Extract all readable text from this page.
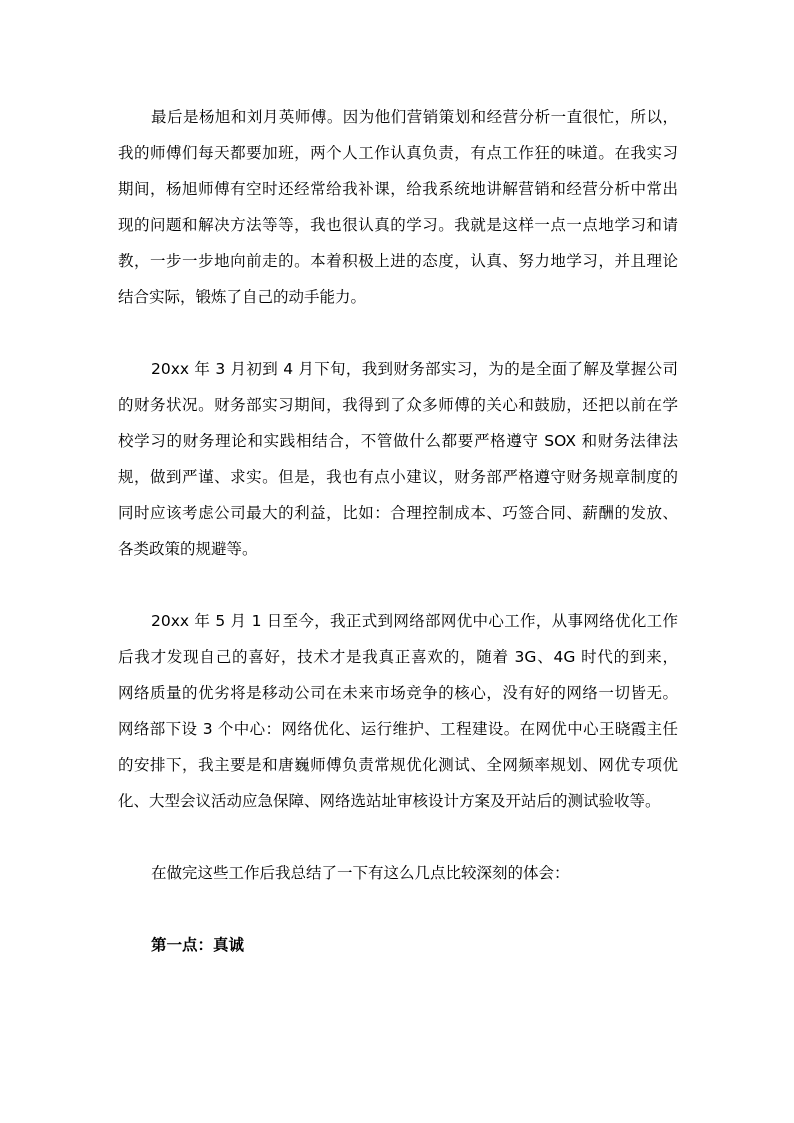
最后是杨旭和刘月英师傅。因为他们营销策划和经营分析一直很忙，所以，
我的师傅们每天都要加班，两个人工作认真负责，有点工作狂的味道。在我实习
期间，杨旭师傅有空时还经常给我补课，给我系统地讲解营销和经营分析中常出
现的问题和解决方法等等，我也很认真的学习。我就是这样一点一点地学习和请
教，一步一步地向前走的。本着积极上进的态度，认真、努力地学习，并且理论
结合实际，锻炼了自己的动手能力。
20xx 年 3 月初到 4 月下旬，我到财务部实习，为的是全面了解及掌握公司
的财务状况。财务部实习期间，我得到了众多师傅的关心和鼓励，还把以前在学
校学习的财务理论和实践相结合，不管做什么都要严格遵守 SOX 和财务法律法
规，做到严谨、求实。但是，我也有点小建议，财务部严格遵守财务规章制度的
同时应该考虑公司最大的利益，比如：合理控制成本、巧签合同、薪酬的发放、
各类政策的规避等。
20xx 年 5 月 1 日至今，我正式到网络部网优中心工作，从事网络优化工作
后我才发现自己的喜好，技术才是我真正喜欢的，随着 3G、4G 时代的到来，
网络质量的优劣将是移动公司在未来市场竞争的核心，没有好的网络一切皆无。
网络部下设 3 个中心：网络优化、运行维护、工程建设。在网优中心王晓霞主任
的安排下，我主要是和唐巍师傅负责常规优化测试、全网频率规划、网优专项优
化、大型会议活动应急保障、网络选站址审核设计方案及开站后的测试验收等。
在做完这些工作后我总结了一下有这么几点比较深刻的体会：
第一点：真诚
